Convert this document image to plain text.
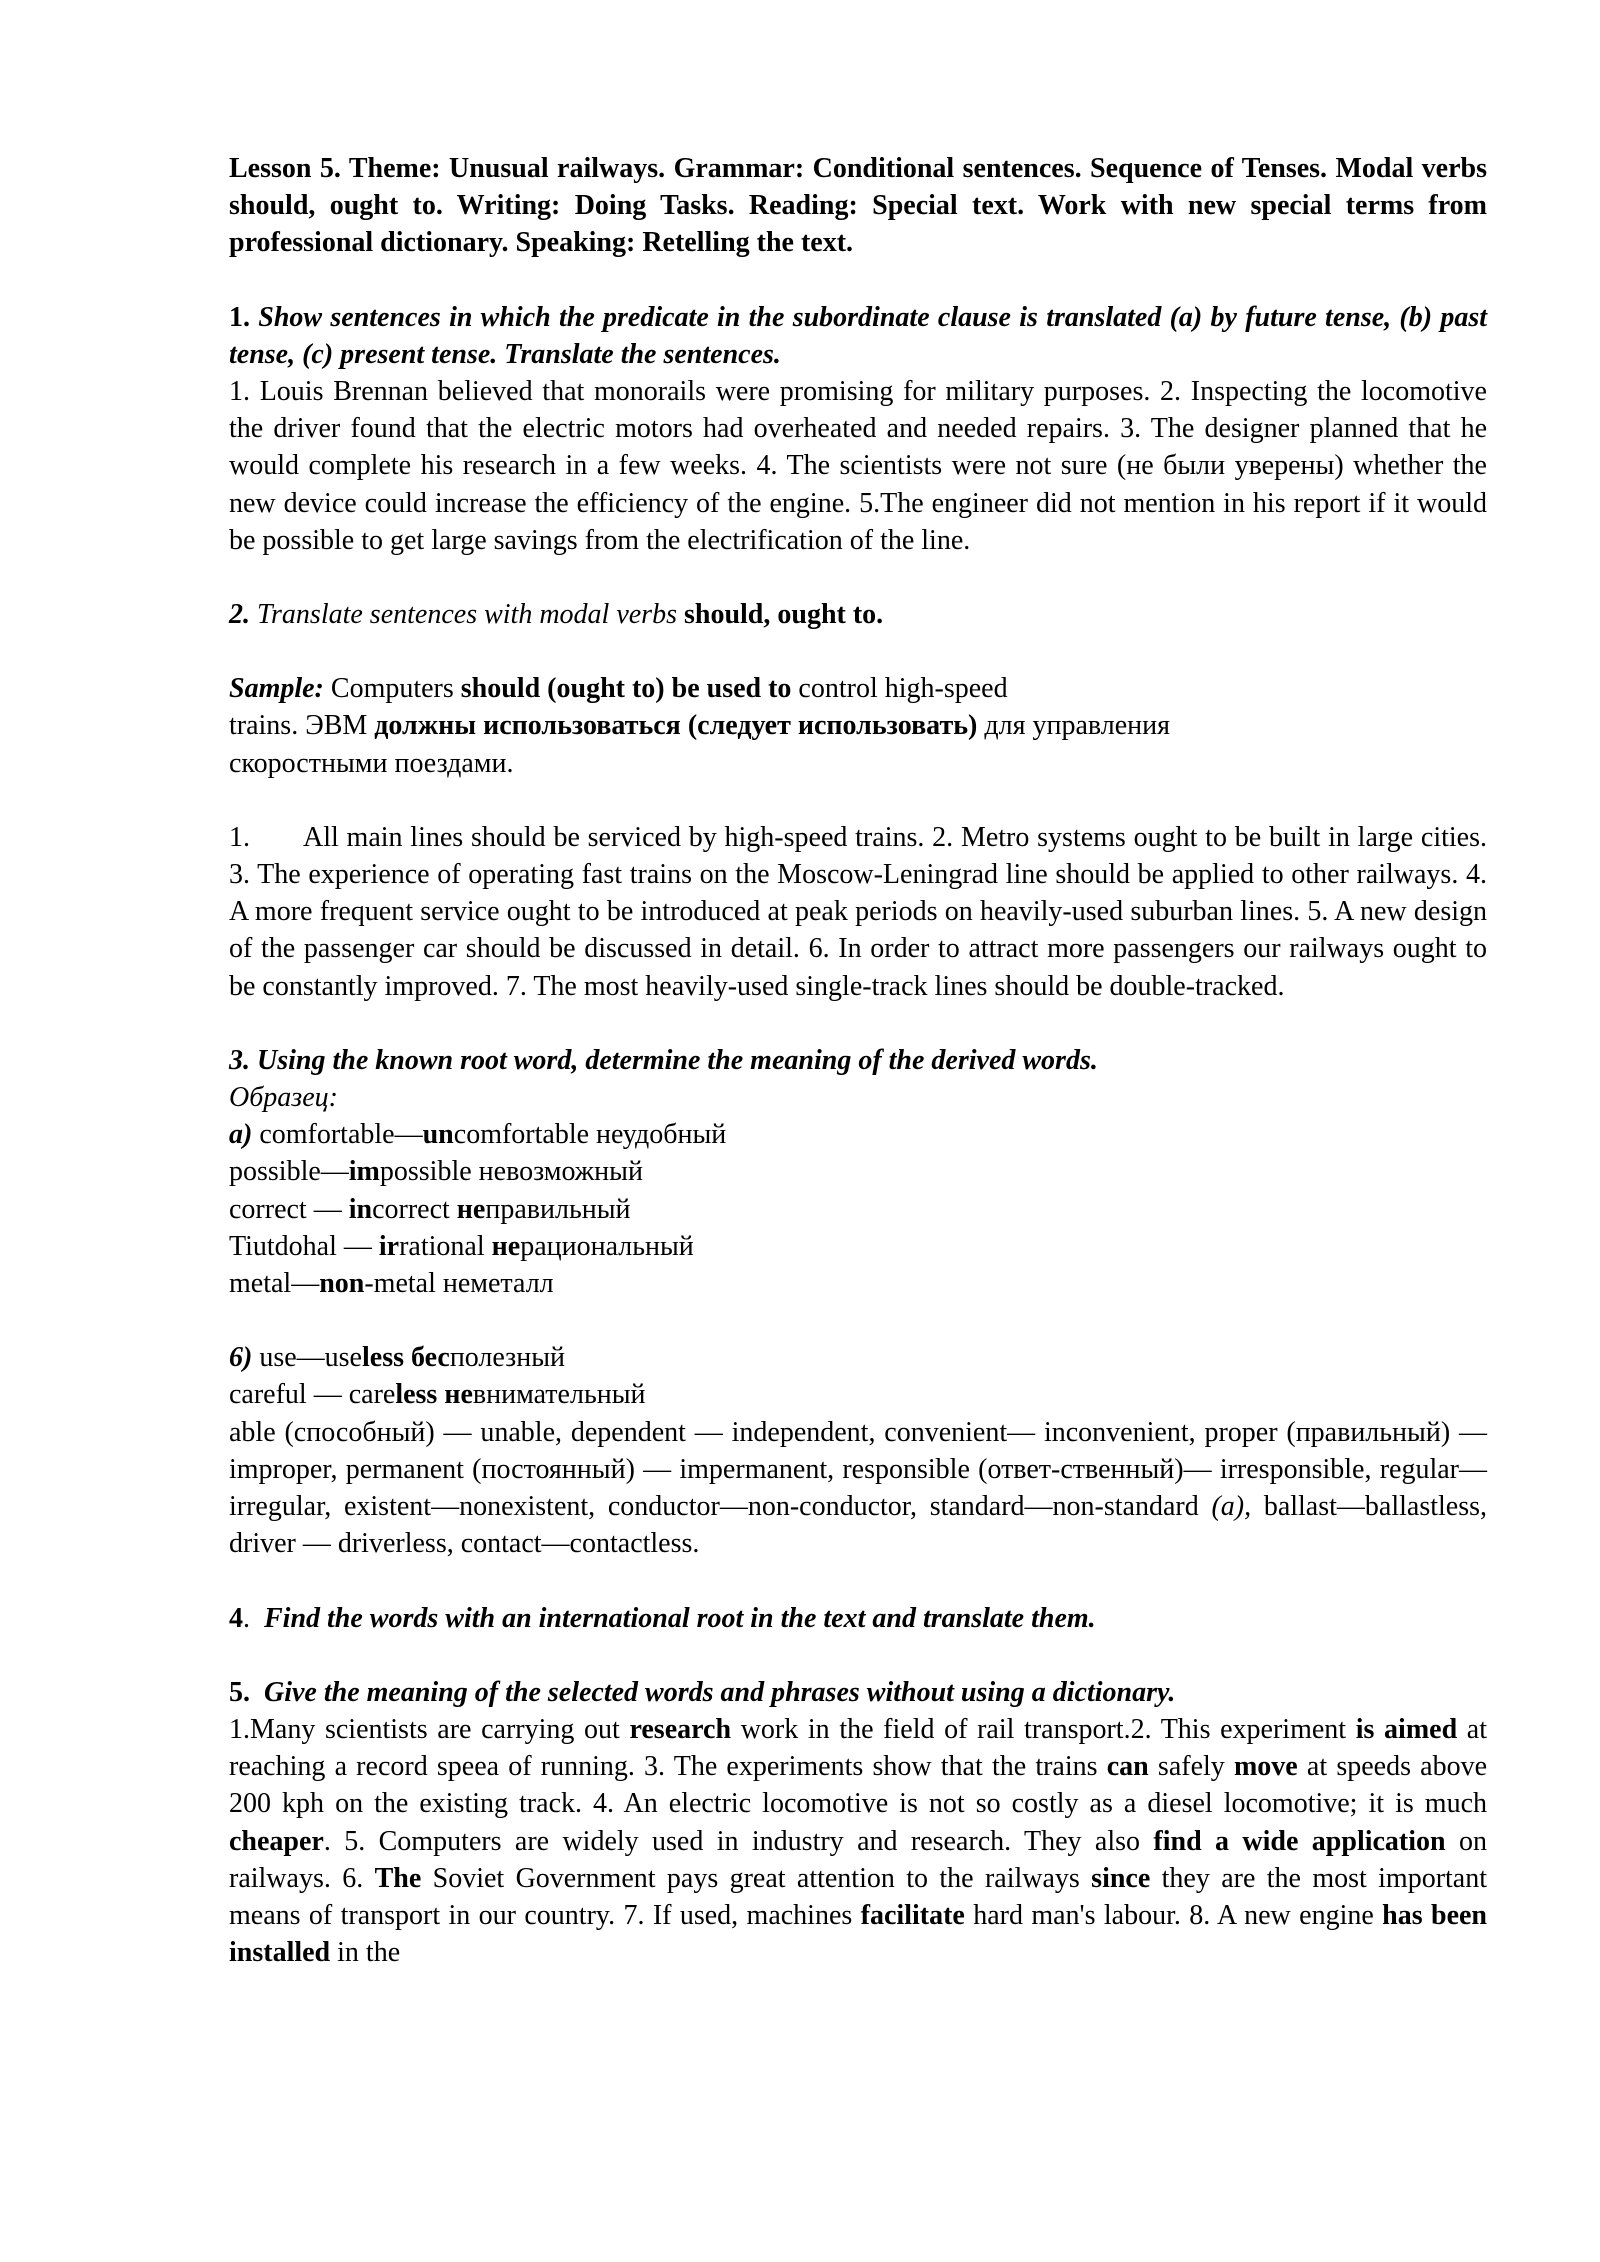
Lesson 5. Theme: Unusual railways. Grammar: Conditional sentences. Sequence of Tenses. Modal verbs should, ought to. Writing: Doing Tasks. Reading: Special text. Work with new special terms from professional dictionary. Speaking: Retelling the text.

1. Show sentences in which the predicate in the subordinate clause is translated (a) by future tense, (b) past tense, (c) present tense. Translate the sentences.

1. Louis Brennan believed that monorails were promising for military purposes. 2. Inspecting the locomotive the driver found that the electric motors had overheated and needed repairs. 3. The designer planned that he would complete his research in a few weeks. 4. The scientists were not sure (не были уверены) whether the new device could increase the efficiency of the engine. 5.The engineer did not mention in his report if it would be possible to get large savings from the electrification of the line.

2. Translate sentences with modal verbs should, ought to.

Sample: Computers should (ought to) be used to control high-speed

trains. ЭВМ должны использоваться (следует использовать) для управления

скоростными поездами.

1.       All main lines should be serviced by high-speed trains. 2. Metro systems ought to be built in large cities. 3. The experience of operating fast trains on the Moscow-Leningrad line should be applied to other railways. 4. A more frequent service ought to be introduced at peak periods on heavily-used suburban lines. 5. A new design of the passenger car should be discussed in detail. 6. In order to attract more passengers our railways ought to be constantly improved. 7. The most heavily-used single-track lines should be double-tracked.

3. Using the known root word, determine the meaning of the derived words.

Образец:

a) comfortable—uncomfortable неудобный

possible—impossible невозможный

correct — incorrect неправильный

Tiutdohal — irrational нерациональный

metal—non-metal неметалл

6) use—useless бесполезный

careful — careless невнимательный

able (способный) — unable, dependent — independent, convenient— inconvenient, proper (правильный) — improper, permanent (постоянный) — impermanent, responsible (ответ-ственный)— irresponsible, regular—irregular, existent—nonexistent, conductor—non-conductor, standard—non-standard (a), ballast—ballastless, driver — driverless, contact—contactless.

4. Find the words with an international root in the text and translate them.

5. Give the meaning of the selected words and phrases without using a dictionary.

1.Many scientists are carrying out research work in the field of rail transport.2. This experiment is aimed at reaching a record speea of running. 3. The experiments show that the trains can safely move at speeds above 200 kph on the existing track. 4. An electric locomotive is not so costly as a diesel locomotive; it is much cheaper. 5. Computers are widely used in industry and research. They also find a wide application on railways. 6. The Soviet Government pays great attention to the railways since they are the most important means of transport in our country. 7. If used, machines facilitate hard man's labour. 8. A new engine has been installed in the
